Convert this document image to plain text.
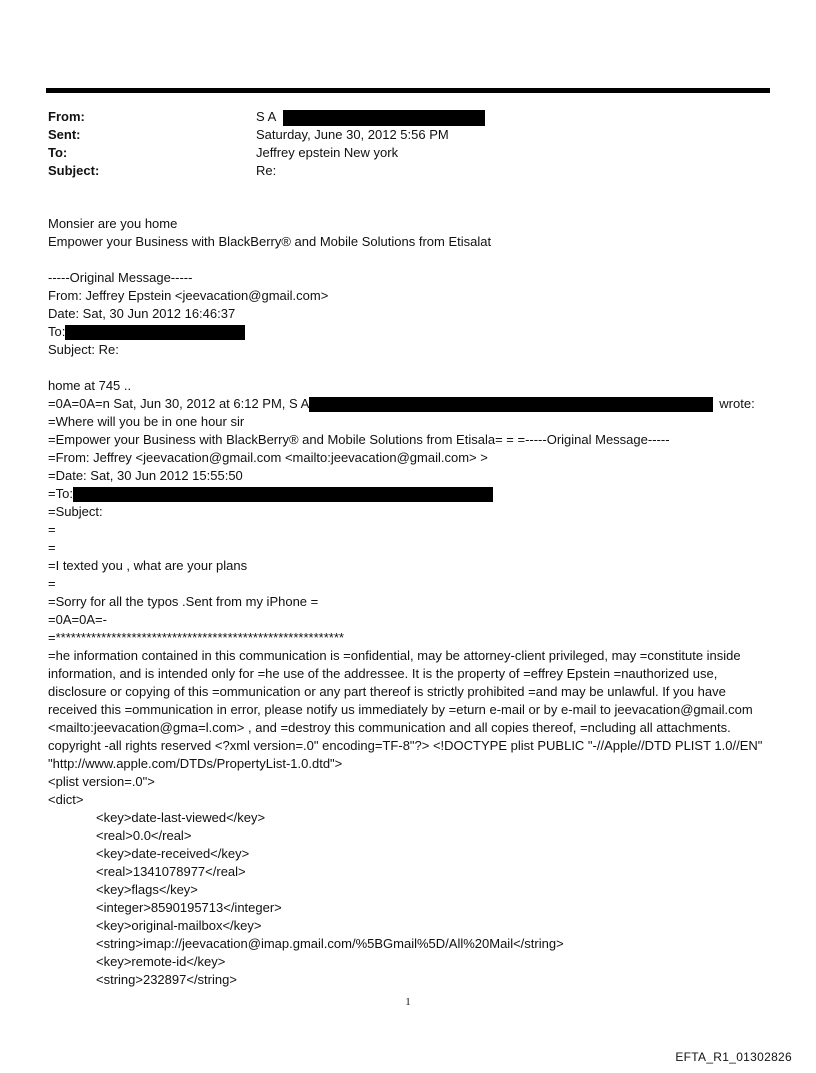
From:	S A
Sent:	Saturday, June 30, 2012 5:56 PM
To:	Jeffrey epstein New york
Subject:	Re:
Monsier are you home
Empower your Business with BlackBerry® and Mobile Solutions from Etisalat
-----Original Message-----
From: Jeffrey Epstein <jeevacation@gmail.com>
Date: Sat, 30 Jun 2012 16:46:37
To:
Subject: Re:
home at 745 ..
=0A=0A=n Sat, Jun 30, 2012 at 6:12 PM, S A	wrote:
=Where will you be in one hour sir
=Empower your Business with BlackBerry® and Mobile Solutions from Etisala= = =-----Original Message-----
=From: Jeffrey <jeevacation@gmail.com <mailto:jeevacation@gmail.com> >
=Date: Sat, 30 Jun 2012 15:55:50
=To:
=Subject:
=
=
=I texted you , what are your plans
=
=Sorry for all the typos .Sent from my iPhone =
=0A=0A=-
=*********************************************************
=he information contained in this communication is =onfidential, may be attorney-client privileged, may =constitute inside information, and is intended only for =he use of the addressee. It is the property of =effrey Epstein =nauthorized use, disclosure or copying of this =ommunication or any part thereof is strictly prohibited =and may be unlawful. If you have received this =ommunication in error, please notify us immediately by =eturn e-mail or by e-mail to jeevacation@gmail.com <mailto:jeevacation@gma=l.com> , and =destroy this communication and all copies thereof, =ncluding all attachments. copyright -all rights reserved <?xml version=.0" encoding=TF-8"?> <!DOCTYPE plist PUBLIC "-//Apple//DTD PLIST 1.0//EN" "http://www.apple.com/DTDs/PropertyList-1.0.dtd">
<plist version=.0">
<dict>
<key>date-last-viewed</key>
<real>0.0</real>
<key>date-received</key>
<real>1341078977</real>
<key>flags</key>
<integer>8590195713</integer>
<key>original-mailbox</key>
<string>imap://jeevacation@imap.gmail.com/%5BGmail%5D/All%20Mail</string>
<key>remote-id</key>
<string>232897</string>
1
EFTA_R1_01302826
